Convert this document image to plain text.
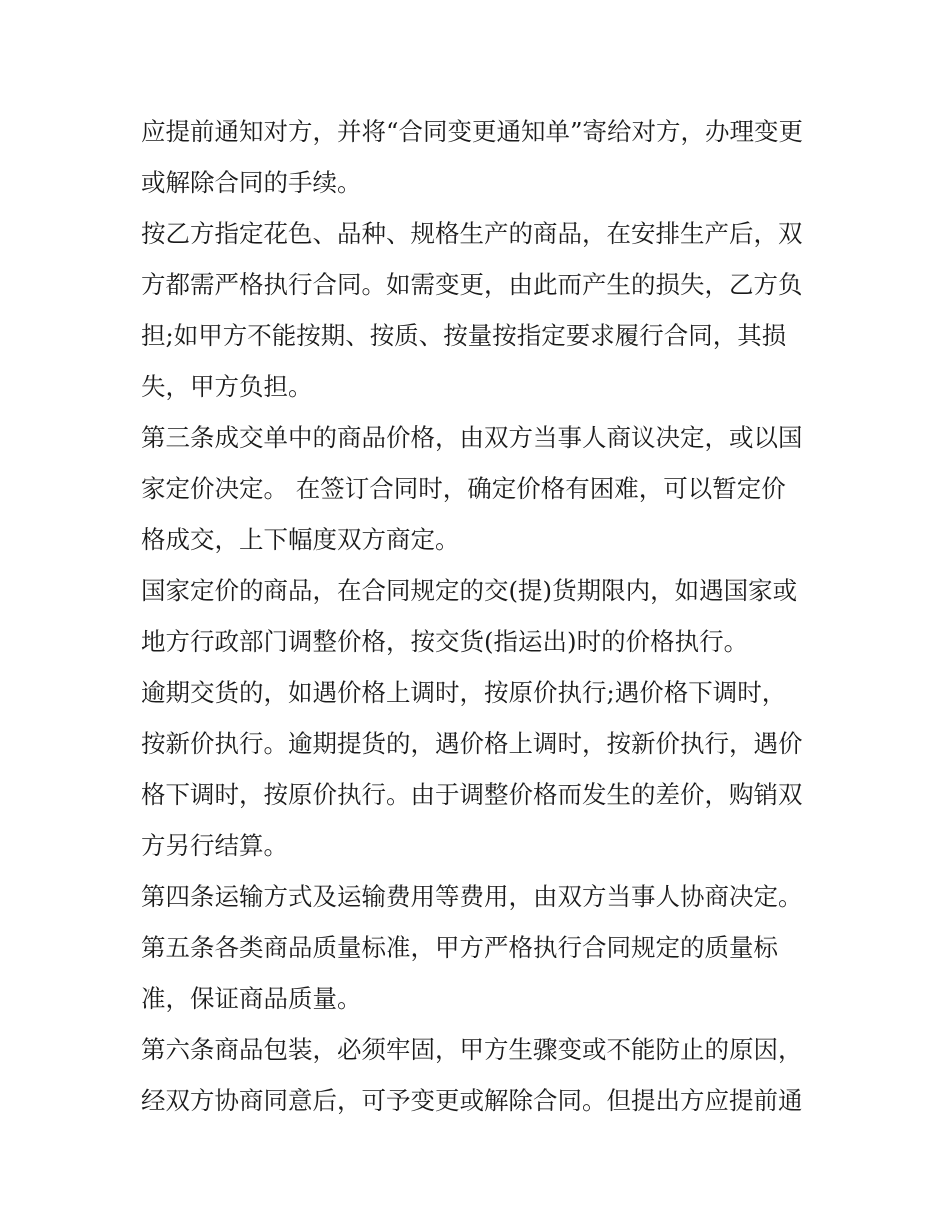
应提前通知对方，并将“合同变更通知单”寄给对方，办理变更
或解除合同的手续。
按乙方指定花色、品种、规格生产的商品，在安排生产后，双
方都需严格执行合同。如需变更，由此而产生的损失，乙方负
担;如甲方不能按期、按质、按量按指定要求履行合同，其损
失，甲方负担。
第三条成交单中的商品价格，由双方当事人商议决定，或以国
家定价决定。 在签订合同时，确定价格有困难，可以暂定价
格成交，上下幅度双方商定。
国家定价的商品，在合同规定的交(提)货期限内，如遇国家或
地方行政部门调整价格，按交货(指运出)时的价格执行。
逾期交货的，如遇价格上调时，按原价执行;遇价格下调时，
按新价执行。逾期提货的，遇价格上调时，按新价执行，遇价
格下调时，按原价执行。由于调整价格而发生的差价，购销双
方另行结算。
第四条运输方式及运输费用等费用，由双方当事人协商决定。
第五条各类商品质量标准，甲方严格执行合同规定的质量标
准，保证商品质量。
第六条商品包装，必须牢固，甲方生骤变或不能防止的原因，
经双方协商同意后，可予变更或解除合同。但提出方应提前通
